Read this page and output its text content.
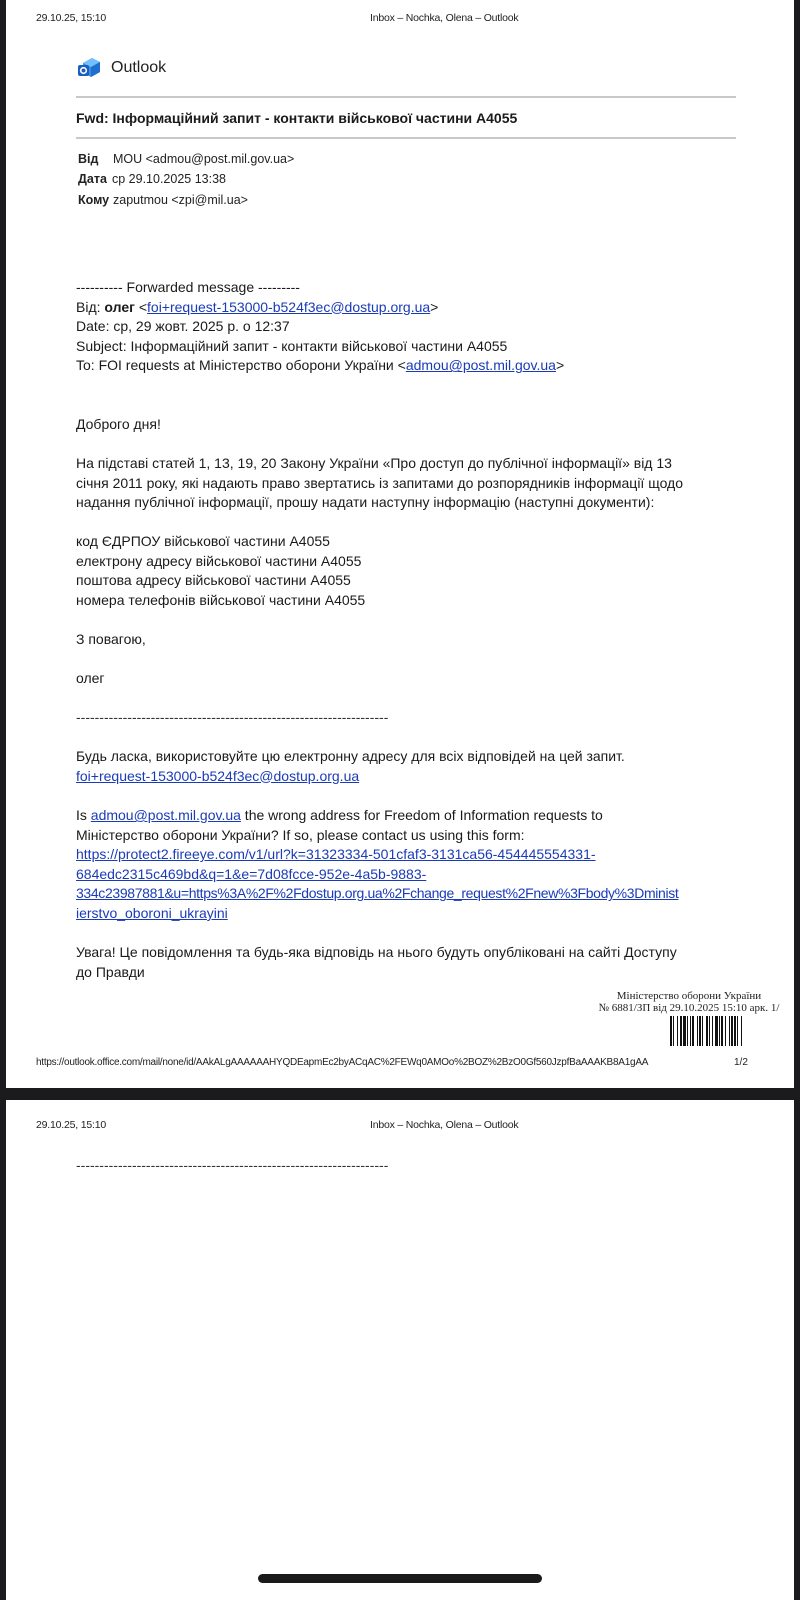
29.10.25, 15:10	Inbox – Nochka, Olena – Outlook
Outlook
Fwd: Інформаційний запит - контакти військової частини А4055
Від MOU <admou@post.mil.gov.ua>
Дата ср 29.10.2025 13:38
Кому zaputmou <zpi@mil.ua>
---------- Forwarded message ---------
Від: олег <foi+request-153000-b524f3ec@dostup.org.ua>
Date: ср, 29 жовт. 2025 р. о 12:37
Subject: Інформаційний запит - контакти військової частини А4055
To: FOI requests at Міністерство оборони України <admou@post.mil.gov.ua>
Доброго дня!
На підставі статей 1, 13, 19, 20 Закону України «Про доступ до публічної інформації» від 13
січня 2011 року, які надають право звертатись із запитами до розпорядників інформації щодо
надання публічної інформації, прошу надати наступну інформацію (наступні документи):
код ЄДРПОУ військової частини А4055
електрону адресу військової частини А4055
поштова адресу військової частини А4055
номера телефонів військової частини А4055
З повагою,
олег
-------------------------------------------------------------------
Будь ласка, використовуйте цю електронну адресу для всіх відповідей на цей запит.
foi+request-153000-b524f3ec@dostup.org.ua
Is admou@post.mil.gov.ua the wrong address for Freedom of Information requests to
Міністерство оборони України? If so, please contact us using this form:
https://protect2.fireeye.com/v1/url?k=31323334-501cfaf3-3131ca56-454445554331-
684edc2315c469bd&q=1&e=7d08fcce-952e-4a5b-9883-
334c23987881&u=https%3A%2F%2Fdostup.org.ua%2Fchange_request%2Fnew%3Fbody%3Dminist
ierstvo_oboroni_ukrayini
Увага! Це повідомлення та будь-яка відповідь на нього будуть опубліковані на сайті Доступу
до Правди
Міністерство оборони України
№ 6881/ЗП від 29.10.2025 15:10 арк. 1/
https://outlook.office.com/mail/none/id/AAkALgAAAAAAHYQDEapmEc2byACqAC%2FEWq0AMOo%2BOZ%2BzO0Gf560JzpfBaAAAKB8A1gAA	1/2
29.10.25, 15:10	Inbox – Nochka, Olena – Outlook
-------------------------------------------------------------------
